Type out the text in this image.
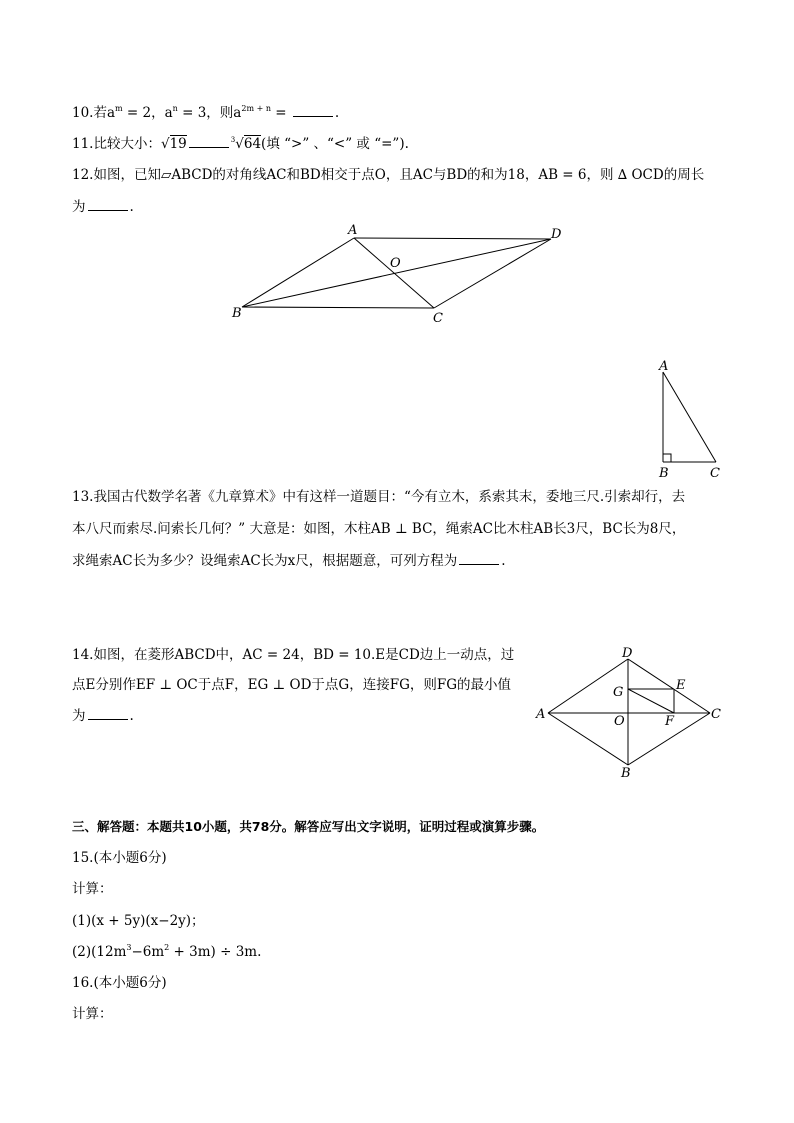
10.若$a^m = 2$，$a^n = 3$，则$a^{2m + n}$ =	.
11.比较大小：√19	$^3$√64(填 “>” 、“<” 或 “=”).
12.如图，已知▱ABCD的对角线AC和BD相交于点O，且AC与BD的和为18，AB = 6，则 ∆ OCD的周长
为	.
A	D
O
B	C
A
B	C
13.我国古代数学名著《九章算术》中有这样一道题目：“今有立木，系索其末，委地三尺.引索却行，去
本八尺而索尽.问索长几何？” 大意是：如图，木柱AB ⊥ BC，绳索AC比木柱AB长3尺，BC长为8尺，
求绳索AC长为多少？设绳索AC长为x尺，根据题意，可列方程为	.
14.如图，在菱形ABCD中，AC = 24，BD = 10.E是CD边上一动点，过
点E分别作EF ⊥ OC于点F，EG ⊥ OD于点G，连接FG，则FG的最小值
为	.
D
G	E
A	O	F	C
B
三、解答题：本题共10小题，共78分。解答应写出文字说明，证明过程或演算步骤。
15.(本小题6分)
计算：
(1)(x + 5y)(x−2y)；
$(2)(12m^3-6m^2 + 3m) \div 3m$.
16.(本小题6分)
计算：
